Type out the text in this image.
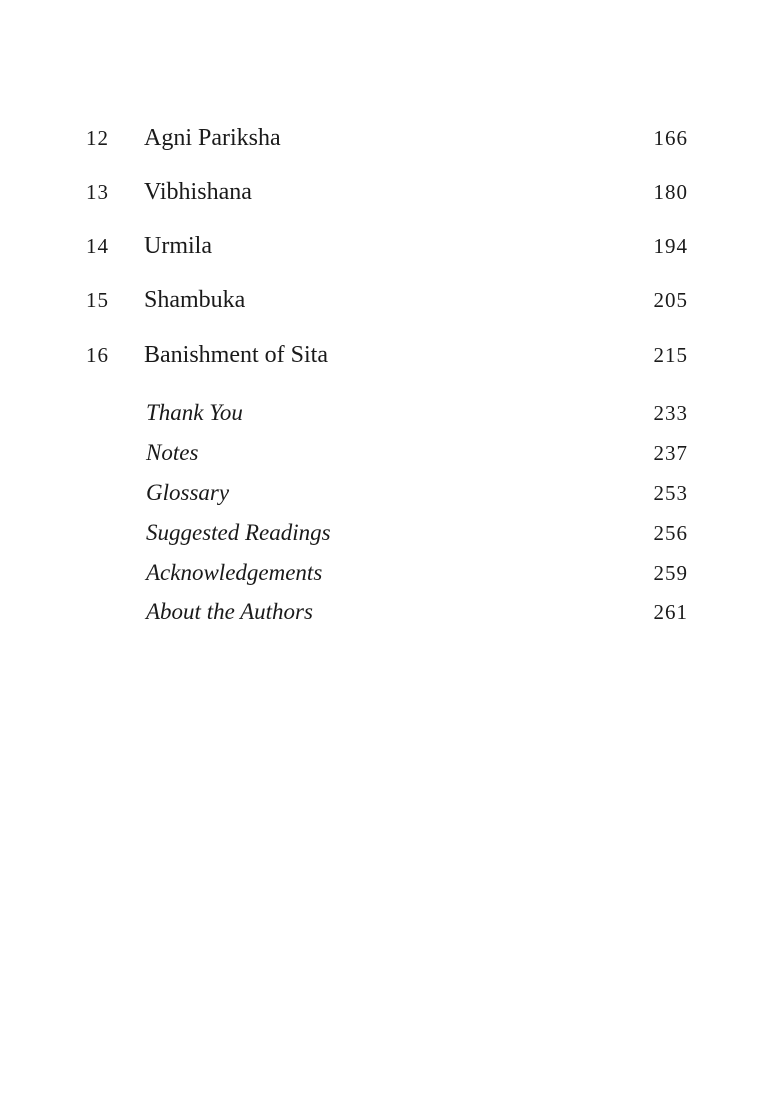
12 Agni Pariksha	166
13 Vibhishana	180
14 Urmila	194
15 Shambuka	205
16 Banishment of Sita	215
Thank You	233
Notes	237
Glossary	253
Suggested Readings	256
Acknowledgements	259
About the Authors	261
